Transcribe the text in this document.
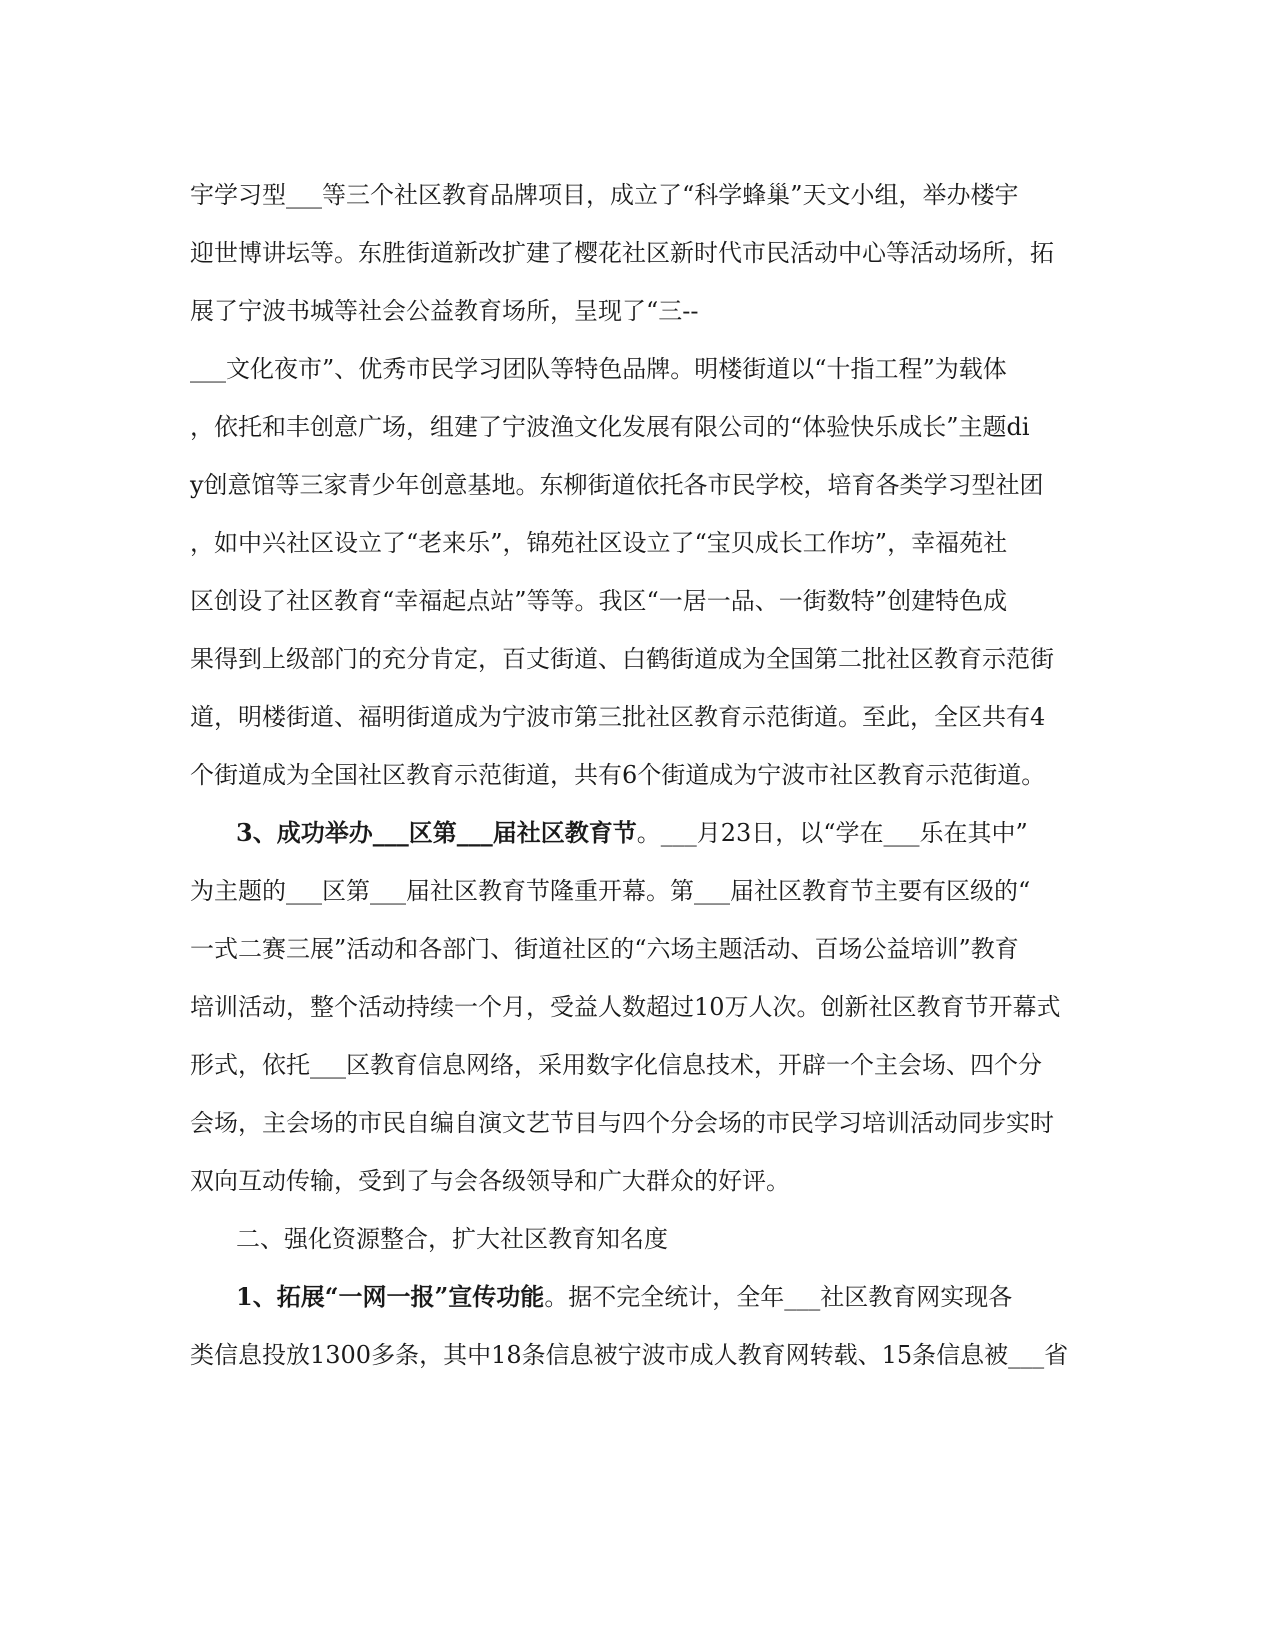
宇学习型___等三个社区教育品牌项目，成立了“科学蜂巢”天文小组，举办楼宇
迎世博讲坛等。东胜街道新改扩建了樱花社区新时代市民活动中心等活动场所，拓
展了宁波书城等社会公益教育场所，呈现了“三--
___文化夜市”、优秀市民学习团队等特色品牌。明楼街道以“十指工程”为载体
，依托和丰创意广场，组建了宁波渔文化发展有限公司的“体验快乐成长”主题di
y创意馆等三家青少年创意基地。东柳街道依托各市民学校，培育各类学习型社团
，如中兴社区设立了“老来乐”，锦苑社区设立了“宝贝成长工作坊”，幸福苑社
区创设了社区教育“幸福起点站”等等。我区“一居一品、一街数特”创建特色成
果得到上级部门的充分肯定，百丈街道、白鹤街道成为全国第二批社区教育示范街
道，明楼街道、福明街道成为宁波市第三批社区教育示范街道。至此，全区共有4
个街道成为全国社区教育示范街道，共有6个街道成为宁波市社区教育示范街道。
3、成功举办___区第___届社区教育节。___月23日，以“学在___乐在其中”
为主题的___区第___届社区教育节隆重开幕。第___届社区教育节主要有区级的“
一式二赛三展”活动和各部门、街道社区的“六场主题活动、百场公益培训”教育
培训活动，整个活动持续一个月，受益人数超过10万人次。创新社区教育节开幕式
形式，依托___区教育信息网络，采用数字化信息技术，开辟一个主会场、四个分
会场，主会场的市民自编自演文艺节目与四个分会场的市民学习培训活动同步实时
双向互动传输，受到了与会各级领导和广大群众的好评。
二、强化资源整合，扩大社区教育知名度
1、拓展“一网一报”宣传功能。据不完全统计，全年___社区教育网实现各
类信息投放1300多条，其中18条信息被宁波市成人教育网转载、15条信息被___省
